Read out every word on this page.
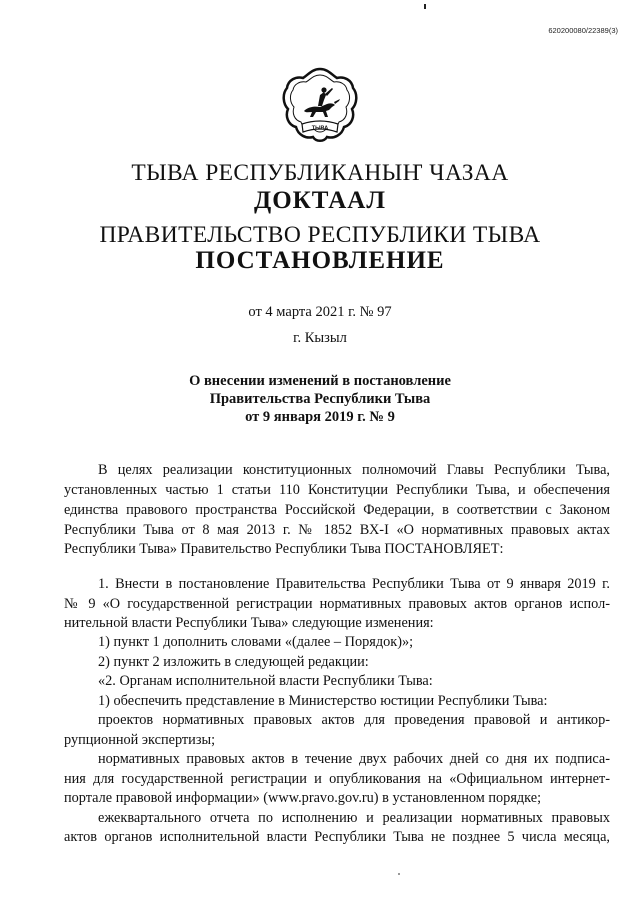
620200080/22389(3)
ТЫВА
ТЫВА РЕСПУБЛИКАНЫҤ ЧАЗАА
ДОКТААЛ
ПРАВИТЕЛЬСТВО РЕСПУБЛИКИ ТЫВА
ПОСТАНОВЛЕНИЕ
от 4 марта 2021 г. № 97
г. Кызыл
О внесении изменений в постановление
Правительства Республики Тыва
от 9 января 2019 г. № 9
В целях реализации конституционных полномочий Главы Республики Тыва,
установленных частью 1 статьи 110 Конституции Республики Тыва, и обеспечения
единства правового пространства Российской Федерации, в соответствии с Законом
Республики Тыва от 8 мая 2013 г. № 1852 ВХ-I «О нормативных правовых актах
Республики Тыва» Правительство Республики Тыва ПОСТАНОВЛЯЕТ:
1. Внести в постановление Правительства Республики Тыва от 9 января 2019 г.
№ 9 «О государственной регистрации нормативных правовых актов органов испол-
нительной власти Республики Тыва» следующие изменения:
1) пункт 1 дополнить словами «(далее – Порядок)»;
2) пункт 2 изложить в следующей редакции:
«2. Органам исполнительной власти Республики Тыва:
1) обеспечить представление в Министерство юстиции Республики Тыва:
проектов нормативных правовых актов для проведения правовой и антикор-
рупционной экспертизы;
нормативных правовых актов в течение двух рабочих дней со дня их подписа-
ния для государственной регистрации и опубликования на «Официальном интернет-
портале правовой информации» (www.pravo.gov.ru) в установленном порядке;
ежеквартального отчета по исполнению и реализации нормативных правовых
актов органов исполнительной власти Республики Тыва не позднее 5 числа месяца,
